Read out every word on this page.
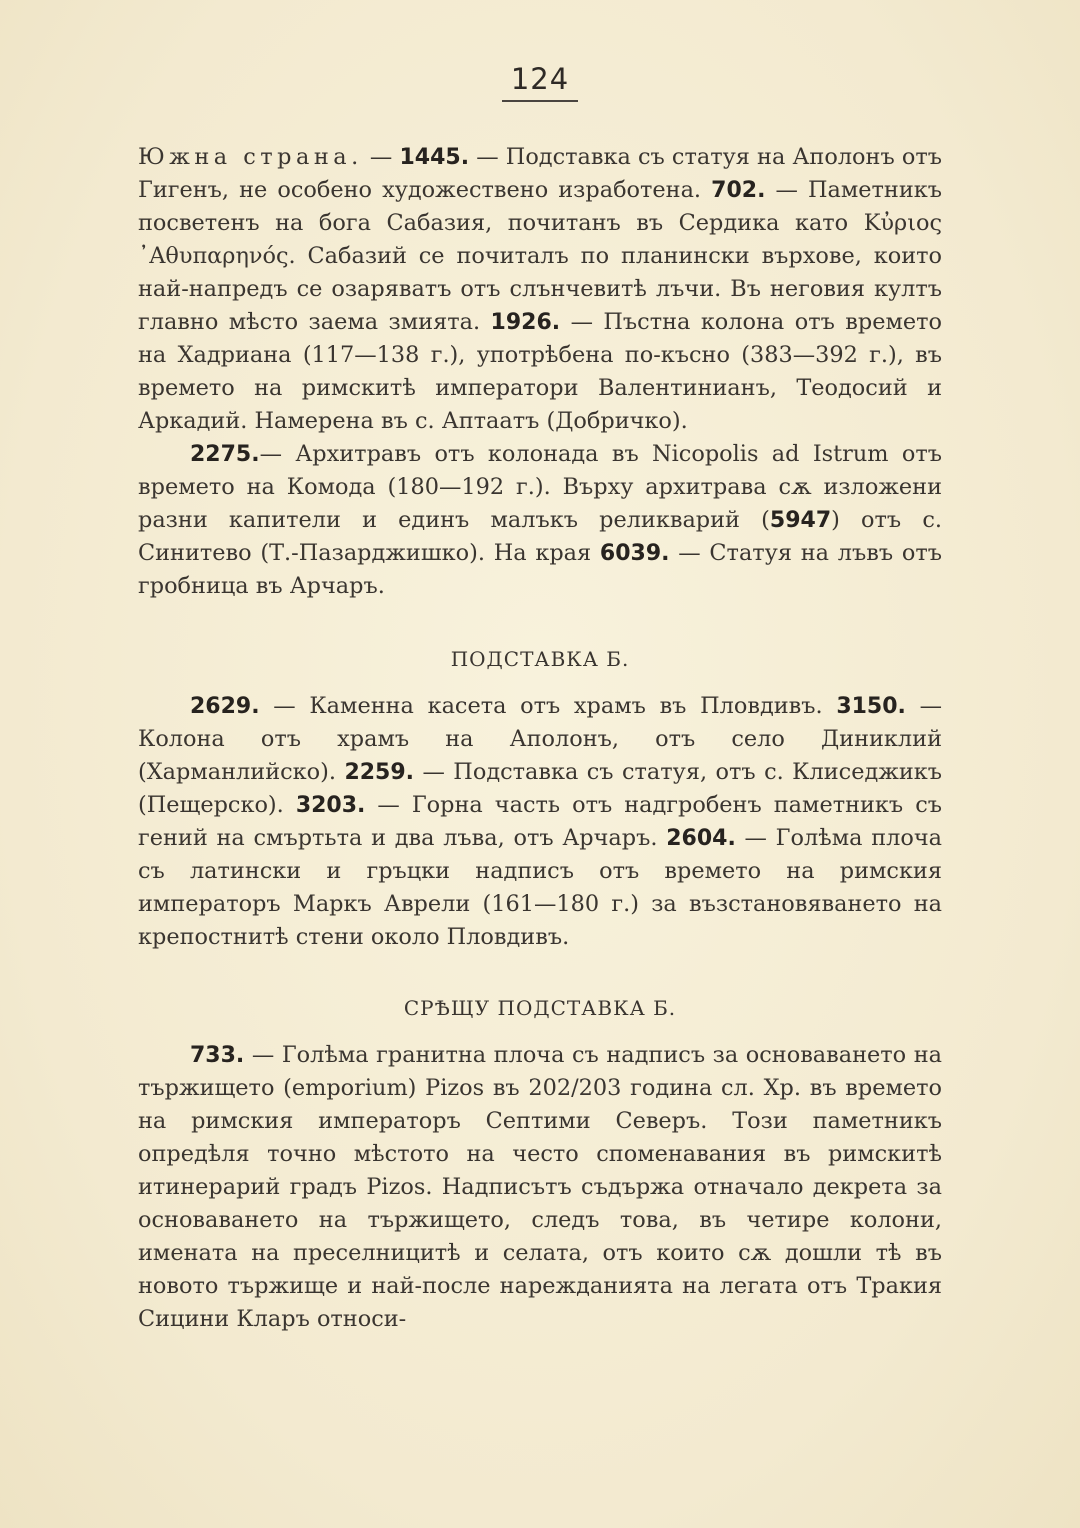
124

Южна страна. — 1445. — Подставка съ статуя на Аполонъ отъ Гигенъ, не особено художествено изработена. 702. — Паметникъ посветенъ на бога Сабазия, почитанъ въ Сердика като Κὐριος ᾿Αθυπαρηνός. Сабазий се почиталъ по планински върхове, които най-напредъ се озаряватъ отъ слънчевитѣ лъчи. Въ неговия култъ главно мѣсто заема змията. 1926. — Пъстна колона отъ времето на Хадриана (117—138 г.), употрѣбена по-късно (383—392 г.), въ времето на римскитѣ императори Валентинианъ, Теодосий и Аркадий. Намерена въ с. Аптаатъ (Добричко).

2275.— Архитравъ отъ колонада въ Nicopolis ad Istrum отъ времето на Комода (180—192 г.). Върху архитрава сѫ изложени разни капители и единъ малъкъ реликварий (5947) отъ с. Синитево (Т.-Пазарджишко). На края 6039. — Статуя на лъвъ отъ гробница въ Арчаръ.

ПОДСТАВКА Б.

2629. — Каменна касета отъ храмъ въ Пловдивъ. 3150. — Колона отъ храмъ на Аполонъ, отъ село Диниклий (Харманлийско). 2259. — Подставка съ статуя, отъ с. Клиседжикъ (Пещерско). 3203. — Горна часть отъ надгробенъ паметникъ съ гений на смъртьта и два лъва, отъ Арчаръ. 2604. — Голѣма плоча съ латински и гръцки надписъ отъ времето на римския императоръ Маркъ Аврели (161—180 г.) за възстановяването на крепостнитѣ стени около Пловдивъ.

СРѢЩУ ПОДСТАВКА Б.

733. — Голѣма гранитна плоча съ надписъ за основаването на тържището (emporium) Pizos въ 202/203 година сл. Хр. въ времето на римския императоръ Септими Северъ. Този паметникъ опредѣля точно мѣстото на често споменавания въ римскитѣ итинерарий градъ Pizos. Надписътъ съдържа отначало декрета за основаването на тържището, следъ това, въ четире колони, имената на преселницитѣ и селата, отъ които сѫ дошли тѣ въ новото тържище и най-после нарежданията на легата отъ Тракия Сицини Кларъ относи-
